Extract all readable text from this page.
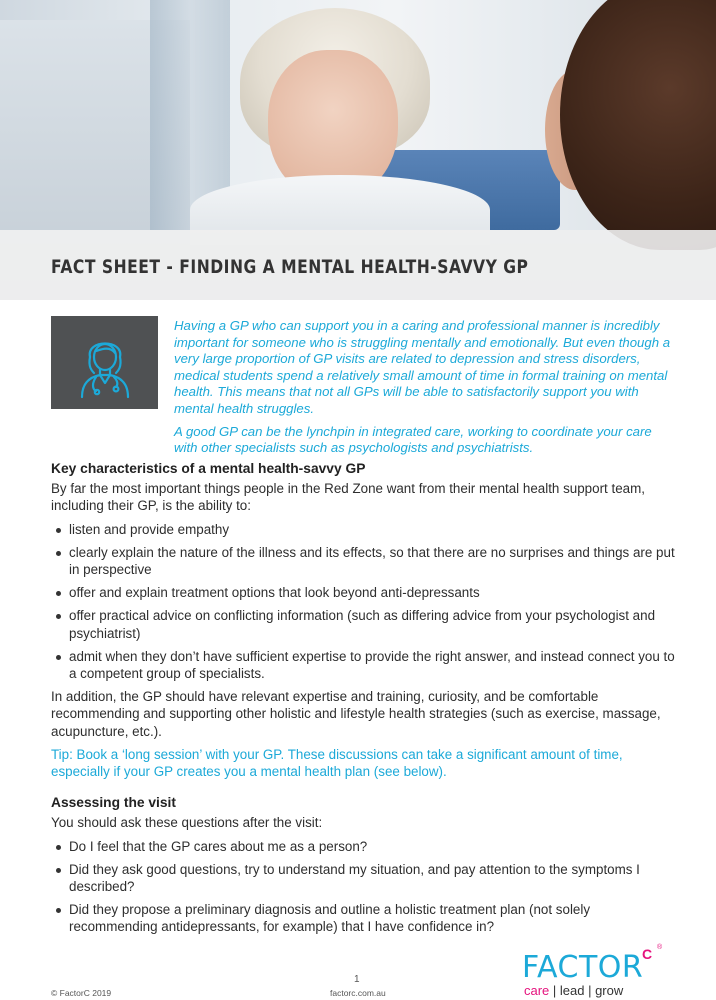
FACT SHEET - FINDING A MENTAL HEALTH-SAVVY GP

Having a GP who can support you in a caring and professional manner is incredibly important for someone who is struggling mentally and emotionally. But even though a very large proportion of GP visits are related to depression and stress disorders, medical students spend a relatively small amount of time in formal training on mental health. This means that not all GPs will be able to satisfactorily support you with mental health struggles.

A good GP can be the lynchpin in integrated care, working to coordinate your care with other specialists such as psychologists and psychiatrists.

Key characteristics of a mental health-savvy GP

By far the most important things people in the Red Zone want from their mental health support team, including their GP, is the ability to:

listen and provide empathy
clearly explain the nature of the illness and its effects, so that there are no surprises and things are put in perspective
offer and explain treatment options that look beyond anti-depressants
offer practical advice on conflicting information (such as differing advice from your psychologist and psychiatrist)
admit when they don’t have sufficient expertise to provide the right answer, and instead connect you to a competent group of specialists.

In addition, the GP should have relevant expertise and training, curiosity, and be comfortable recommending and supporting other holistic and lifestyle health strategies (such as exercise, massage, acupuncture, etc.).

Tip: Book a ‘long session’ with your GP. These discussions can take a significant amount of time, especially if your GP creates you a mental health plan (see below).

Assessing the visit

You should ask these questions after the visit:

Do I feel that the GP cares about me as a person?
Did they ask good questions, try to understand my situation, and pay attention to the symptoms I described?
Did they propose a preliminary diagnosis and outline a holistic treatment plan (not solely recommending antidepressants, for example) that I have confidence in?
1
© FactorC 2019	factorc.com.au
FACTOR
C ®
care | lead | grow
